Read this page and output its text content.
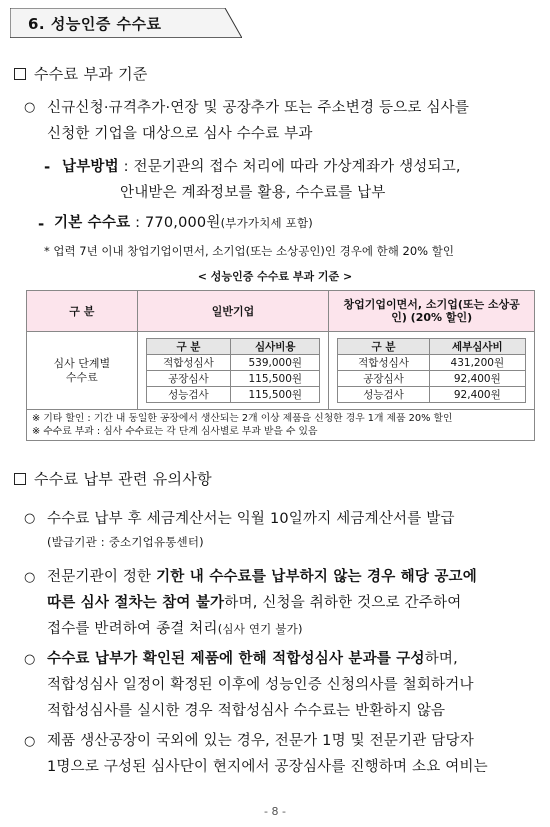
6. 성능인증 수수료
수수료 부과 기준
○ 신규신청·규격추가·연장 및 공장추가 또는 주소변경 등으로 심사를
신청한 기업을 대상으로 심사 수수료 부과
- 납부방법 : 전문기관의 접수 처리에 따라 가상계좌가 생성되고,
안내받은 계좌정보를 활용, 수수료를 납부
- 기본 수수료 : 770,000원(부가가치세 포함)
* 업력 7년 이내 창업기업이면서, 소기업(또는 소상공인)인 경우에 한해 20% 할인
< 성능인증 수수료 부과 기준 >
구 분	일반기업	창업기업이면서, 소기업(또는 소상공인) (20% 할인)
심사 단계별 수수료	
구 분	심사비용
적합성심사	539,000원
공장심사	115,500원
성능검사	115,500원

구 분	세부심사비
적합성심사	431,200원
공장심사	92,400원
성능검사	92,400원

※ 기타 할인 : 기간 내 동일한 공장에서 생산되는 2개 이상 제품을 신청한 경우 1개 제품 20% 할인
※ 수수료 부과 : 심사 수수료는 각 단계 심사별로 부과 받을 수 있음
수수료 납부 관련 유의사항
○ 수수료 납부 후 세금계산서는 익월 10일까지 세금계산서를 발급
(발급기관 : 중소기업유통센터)
○ 전문기관이 정한 기한 내 수수료를 납부하지 않는 경우 해당 공고에
따른 심사 절차는 참여 불가하며, 신청을 취하한 것으로 간주하여
접수를 반려하여 종결 처리(심사 연기 불가)
○ 수수료 납부가 확인된 제품에 한해 적합성심사 분과를 구성하며,
적합성심사 일정이 확정된 이후에 성능인증 신청의사를 철회하거나
적합성심사를 실시한 경우 적합성심사 수수료는 반환하지 않음
○ 제품 생산공장이 국외에 있는 경우, 전문가 1명 및 전문기관 담당자
1명으로 구성된 심사단이 현지에서 공장심사를 진행하며 소요 여비는
- 8 -
